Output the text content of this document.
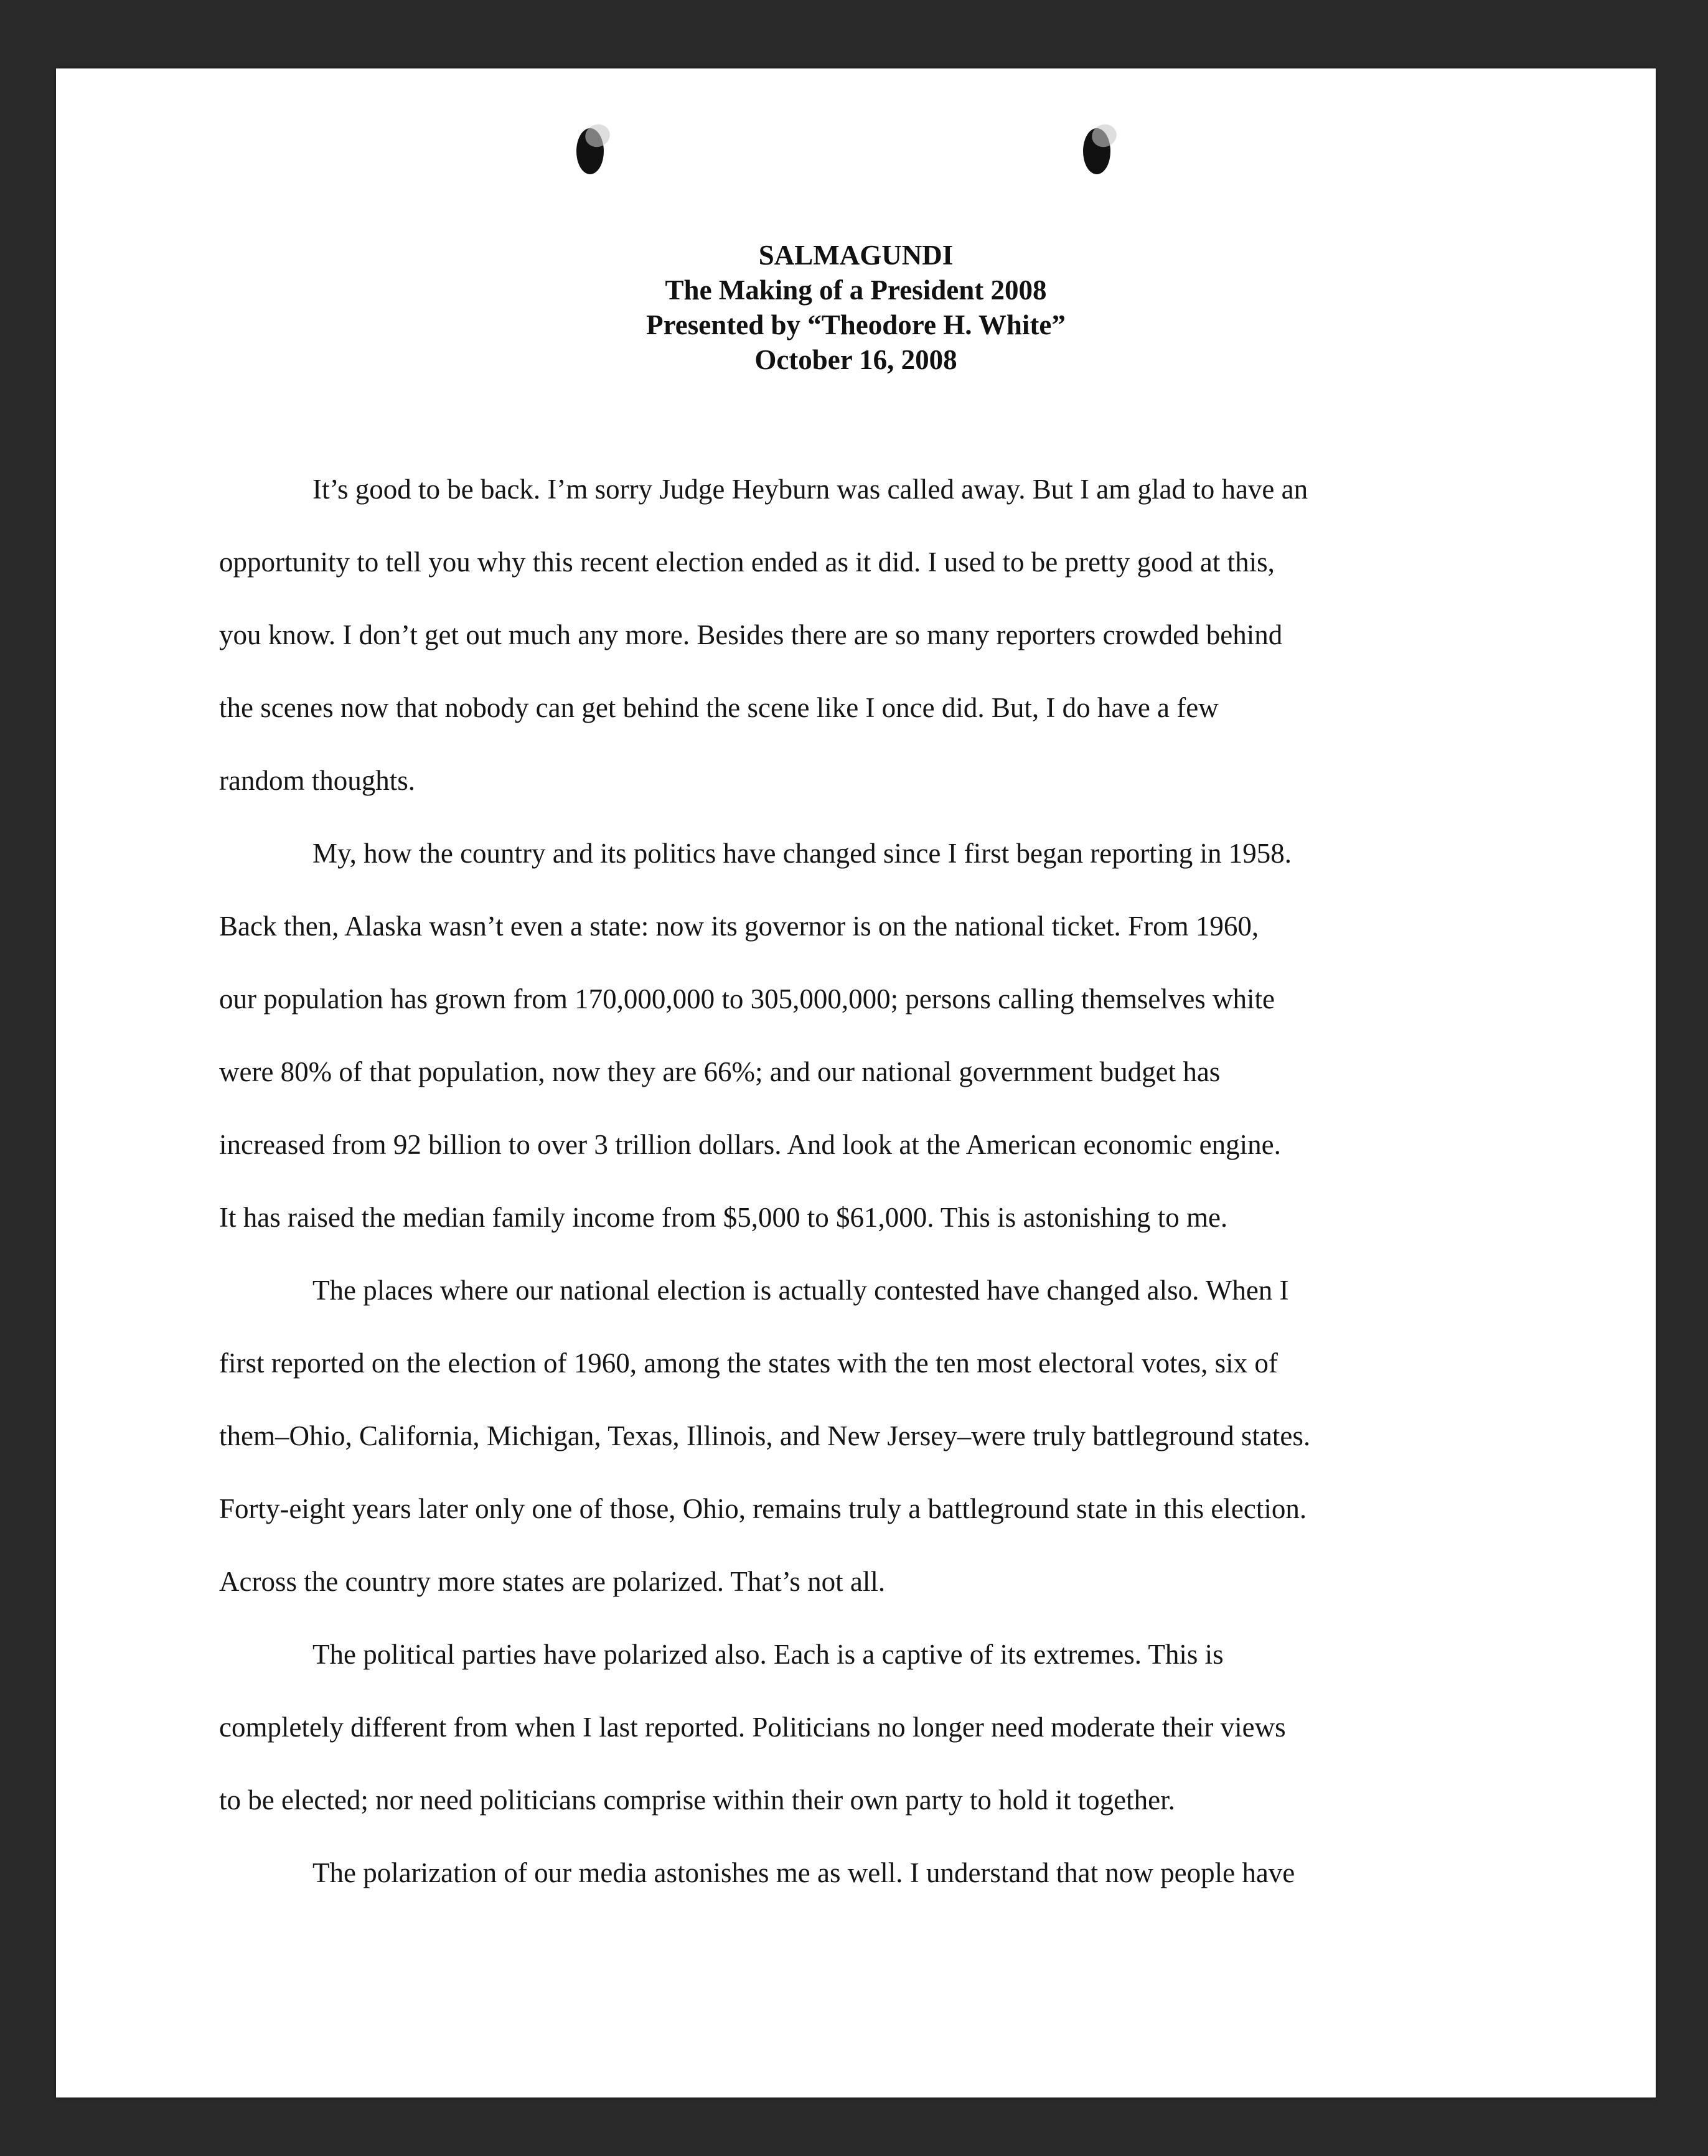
SALMAGUNDI

The Making of a President 2008

Presented by “Theodore H. White”

October 16, 2008

It’s good to be back. I’m sorry Judge Heyburn was called away. But I am glad to have an

opportunity to tell you why this recent election ended as it did. I used to be pretty good at this,

you know. I don’t get out much any more. Besides there are so many reporters crowded behind

the scenes now that nobody can get behind the scene like I once did. But, I do have a few

random thoughts.

My, how the country and its politics have changed since I first began reporting in 1958.

Back then, Alaska wasn’t even a state: now its governor is on the national ticket. From 1960,

our population has grown from 170,000,000 to 305,000,000; persons calling themselves white

were 80% of that population, now they are 66%; and our national government budget has

increased from 92 billion to over 3 trillion dollars. And look at the American economic engine.

It has raised the median family income from $5,000 to $61,000. This is astonishing to me.

The places where our national election is actually contested have changed also. When I

first reported on the election of 1960, among the states with the ten most electoral votes, six of

them–Ohio, California, Michigan, Texas, Illinois, and New Jersey–were truly battleground states.

Forty-eight years later only one of those, Ohio, remains truly a battleground state in this election.

Across the country more states are polarized. That’s not all.

The political parties have polarized also. Each is a captive of its extremes. This is

completely different from when I last reported. Politicians no longer need moderate their views

to be elected; nor need politicians comprise within their own party to hold it together.

The polarization of our media astonishes me as well. I understand that now people have
